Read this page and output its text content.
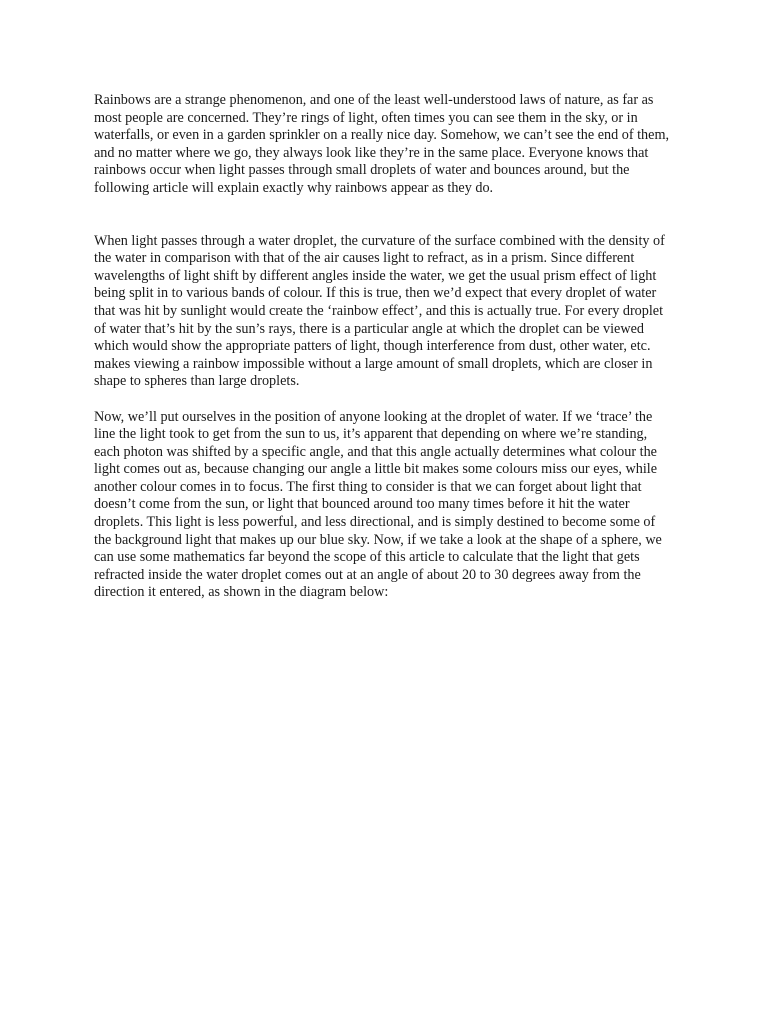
Rainbows are a strange phenomenon, and one of the least well-understood laws of nature, as far as most people are concerned. They’re rings of light, often times you can see them in the sky, or in waterfalls, or even in a garden sprinkler on a really nice day. Somehow, we can’t see the end of them, and no matter where we go, they always look like they’re in the same place. Everyone knows that rainbows occur when light passes through small droplets of water and bounces around, but the following article will explain exactly why rainbows appear as they do.

When light passes through a water droplet, the curvature of the surface combined with the density of the water in comparison with that of the air causes light to refract, as in a prism. Since different wavelengths of light shift by different angles inside the water, we get the usual prism effect of light being split in to various bands of colour. If this is true, then we’d expect that every droplet of water that was hit by sunlight would create the ‘rainbow effect’, and this is actually true. For every droplet of water that’s hit by the sun’s rays, there is a particular angle at which the droplet can be viewed which would show the appropriate patters of light, though interference from dust, other water, etc. makes viewing a rainbow impossible without a large amount of small droplets, which are closer in shape to spheres than large droplets.

Now, we’ll put ourselves in the position of anyone looking at the droplet of water. If we ‘trace’ the line the light took to get from the sun to us, it’s apparent that depending on where we’re standing, each photon was shifted by a specific angle, and that this angle actually determines what colour the light comes out as, because changing our angle a little bit makes some colours miss our eyes, while another colour comes in to focus. The first thing to consider is that we can forget about light that doesn’t come from the sun, or light that bounced around too many times before it hit the water droplets. This light is less powerful, and less directional, and is simply destined to become some of the background light that makes up our blue sky. Now, if we take a look at the shape of a sphere, we can use some mathematics far beyond the scope of this article to calculate that the light that gets refracted inside the water droplet comes out at an angle of about 20 to 30 degrees away from the direction it entered, as shown in the diagram below:
